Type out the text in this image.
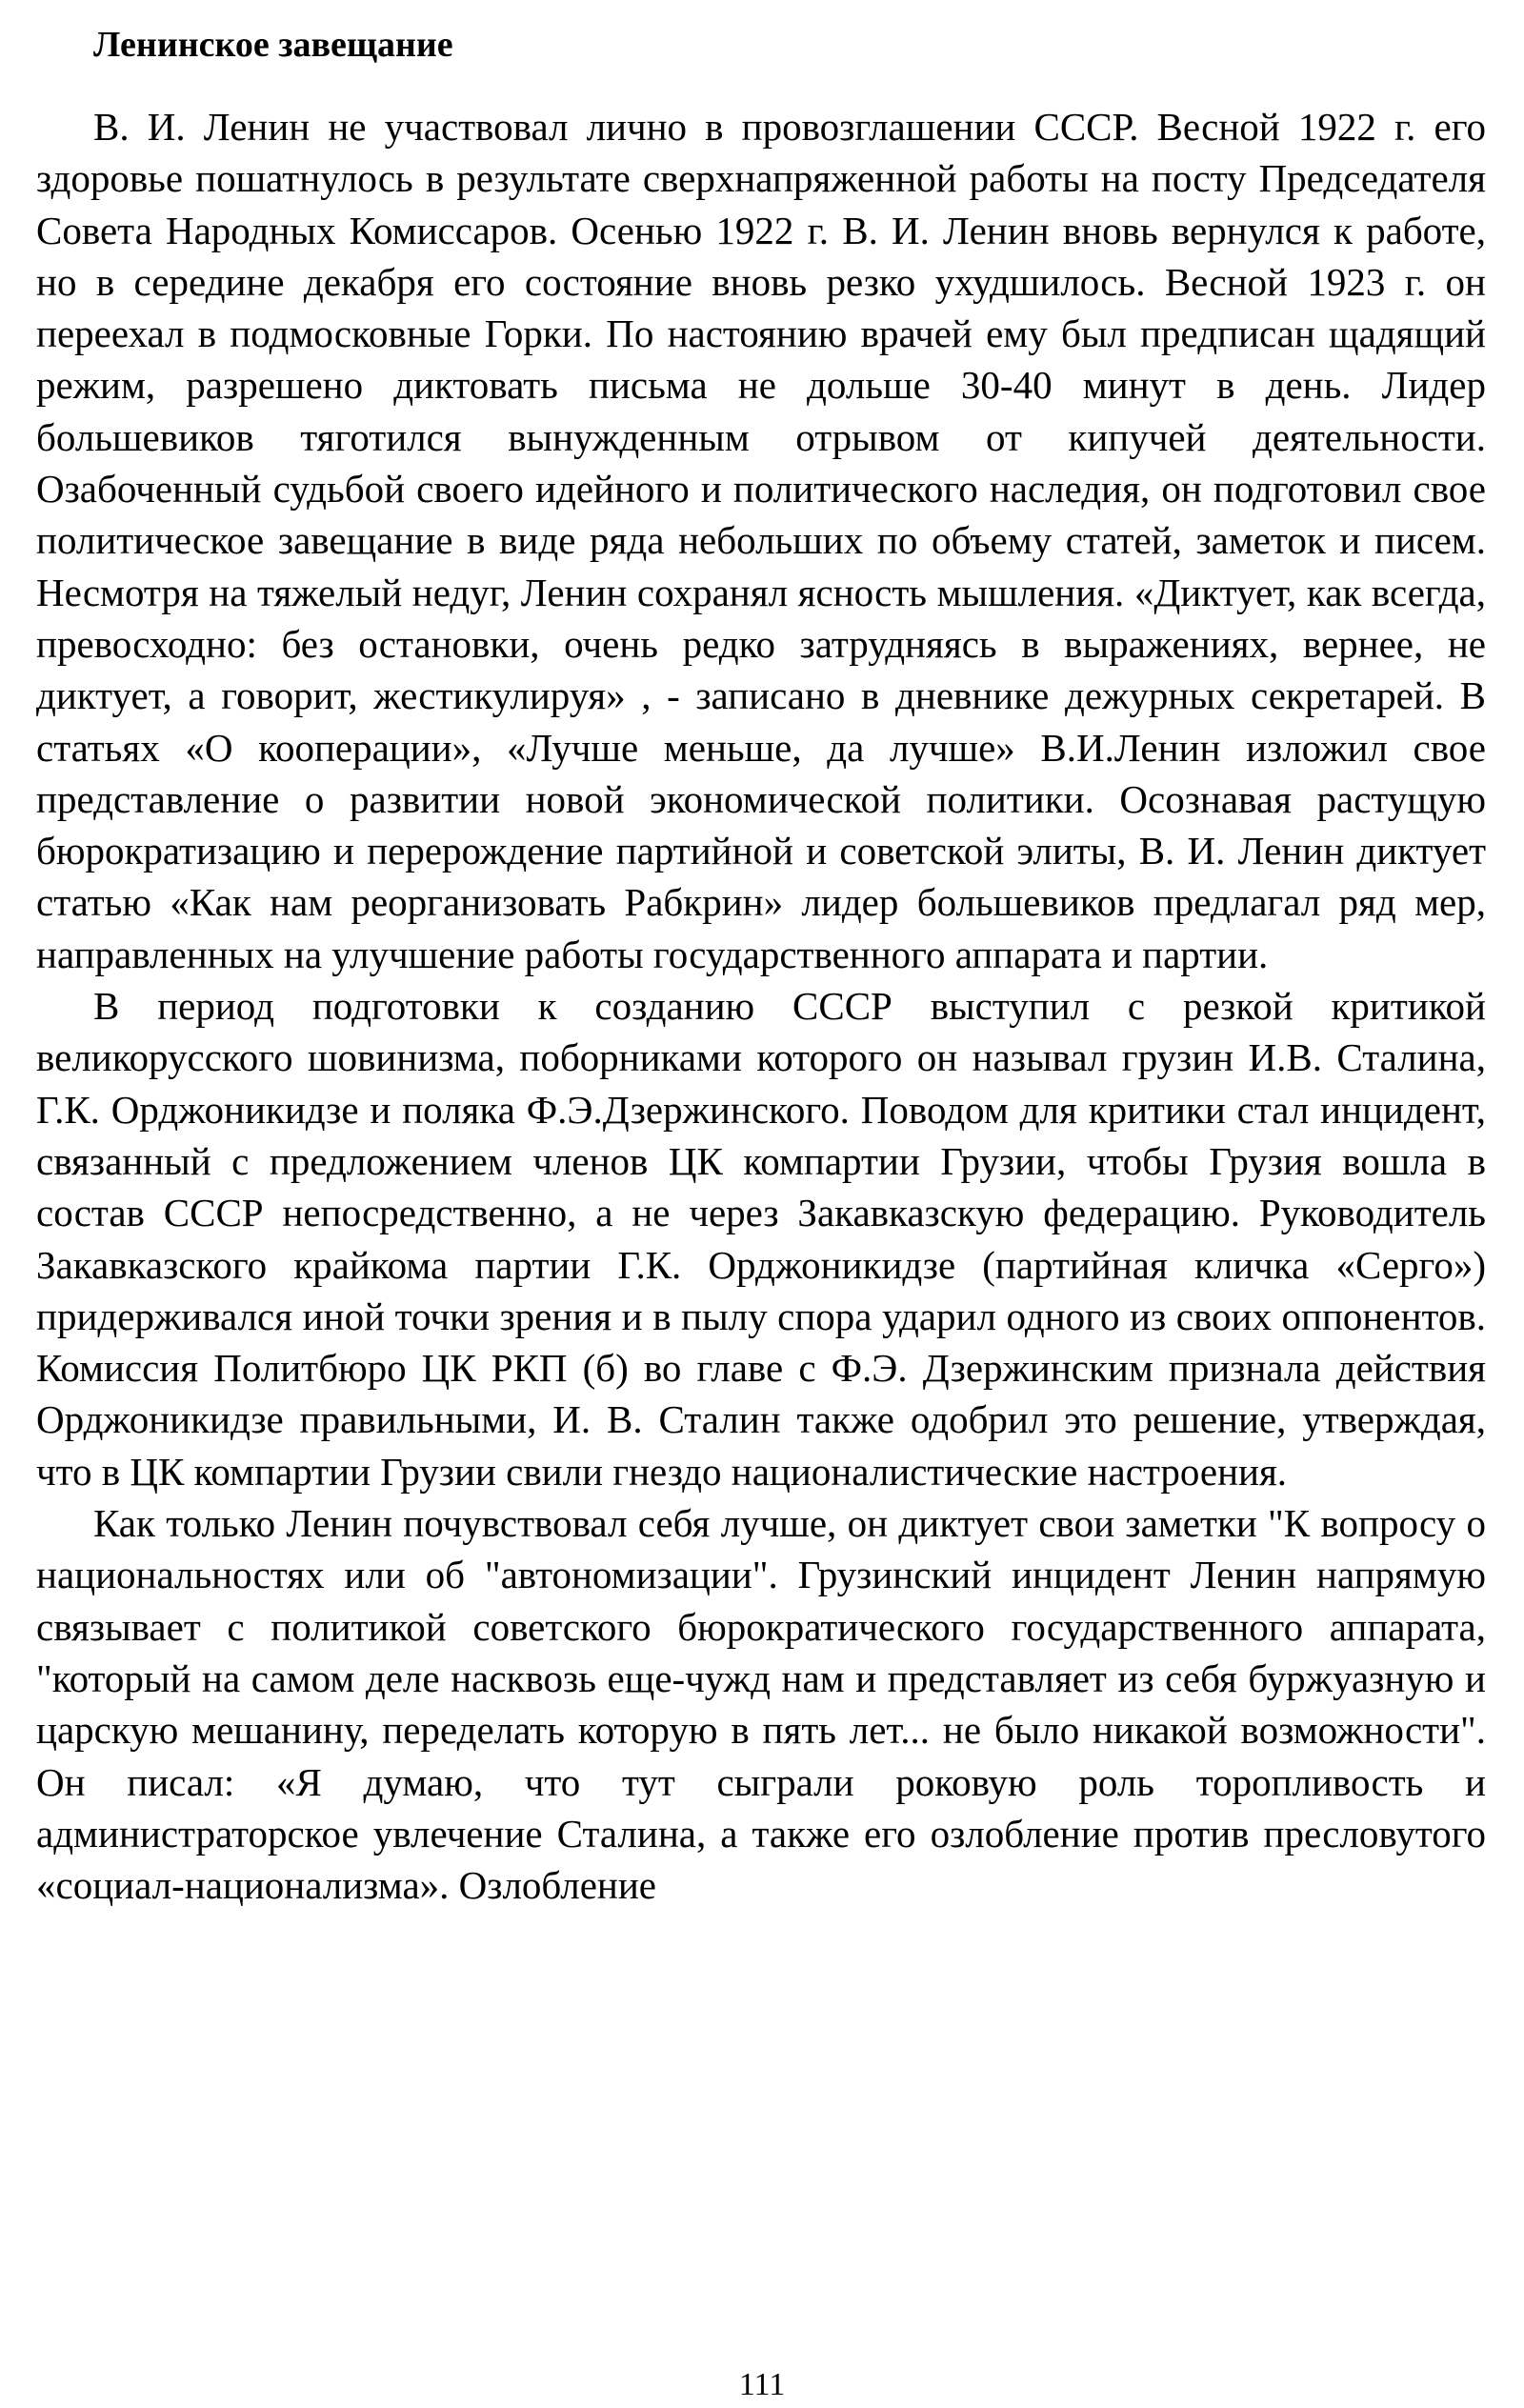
Ленинское завещание

В. И. Ленин не участвовал лично в провозглашении СССР. Весной 1922 г. его здоровье пошатнулось в результате сверхнапряженной работы на посту Председателя Совета Народных Комиссаров. Осенью 1922 г. В. И. Ленин вновь вернулся к работе, но в середине декабря его состояние вновь резко ухудшилось. Весной 1923 г. он переехал в подмосковные Горки. По настоянию врачей ему был предписан щадящий режим, разрешено диктовать письма не дольше 30-40 минут в день. Лидер большевиков тяготился вынужденным отрывом от кипучей деятельности. Озабоченный судьбой своего идейного и политического наследия, он подготовил свое политическое завещание в виде ряда небольших по объему статей, заметок и писем. Несмотря на тяжелый недуг, Ленин сохранял ясность мышления. «Диктует, как всегда, превосходно: без остановки, очень редко затрудняясь в выражениях, вернее, не диктует, а говорит, жестикулируя» , - записано в дневнике дежурных секретарей. В статьях «О кооперации», «Лучше меньше, да лучше» В.И.Ленин изложил свое представление о развитии новой экономической политики. Осознавая растущую бюрократизацию и перерождение партийной и советской элиты, В. И. Ленин диктует статью «Как нам реорганизовать Рабкрин» лидер большевиков предлагал ряд мер, направленных на улучшение работы государственного аппарата и партии.

В период подготовки к созданию СССР выступил с резкой критикой великорусского шовинизма, поборниками которого он называл грузин И.В. Сталина, Г.К. Орджоникидзе и поляка Ф.Э.Дзержинского. Поводом для критики стал инцидент, связанный с предложением членов ЦК компартии Грузии, чтобы Грузия вошла в состав СССР непосредственно, а не через Закавказскую федерацию. Руководитель Закавказского крайкома партии Г.К. Орджоникидзе (партийная кличка «Серго») придерживался иной точки зрения и в пылу спора ударил одного из своих оппонентов. Комиссия Политбюро ЦК РКП (б) во главе с Ф.Э. Дзержинским признала действия Орджоникидзе правильными, И. В. Сталин также одобрил это решение, утверждая, что в ЦК компартии Грузии свили гнездо националистические настроения.

Как только Ленин почувствовал себя лучше, он диктует свои заметки "К вопросу о национальностях или об "автономизации". Грузинский инцидент Ленин напрямую связывает с политикой советского бюрократического государственного аппарата, "который на самом деле насквозь еще-чужд нам и представляет из себя буржуазную и царскую мешанину, переделать которую в пять лет... не было никакой возможности". Он писал: «Я думаю, что тут сыграли роковую роль торопливость и администраторское увлечение Сталина, а также его озлобление против пресловутого «социал-национализма». Озлобление

111
